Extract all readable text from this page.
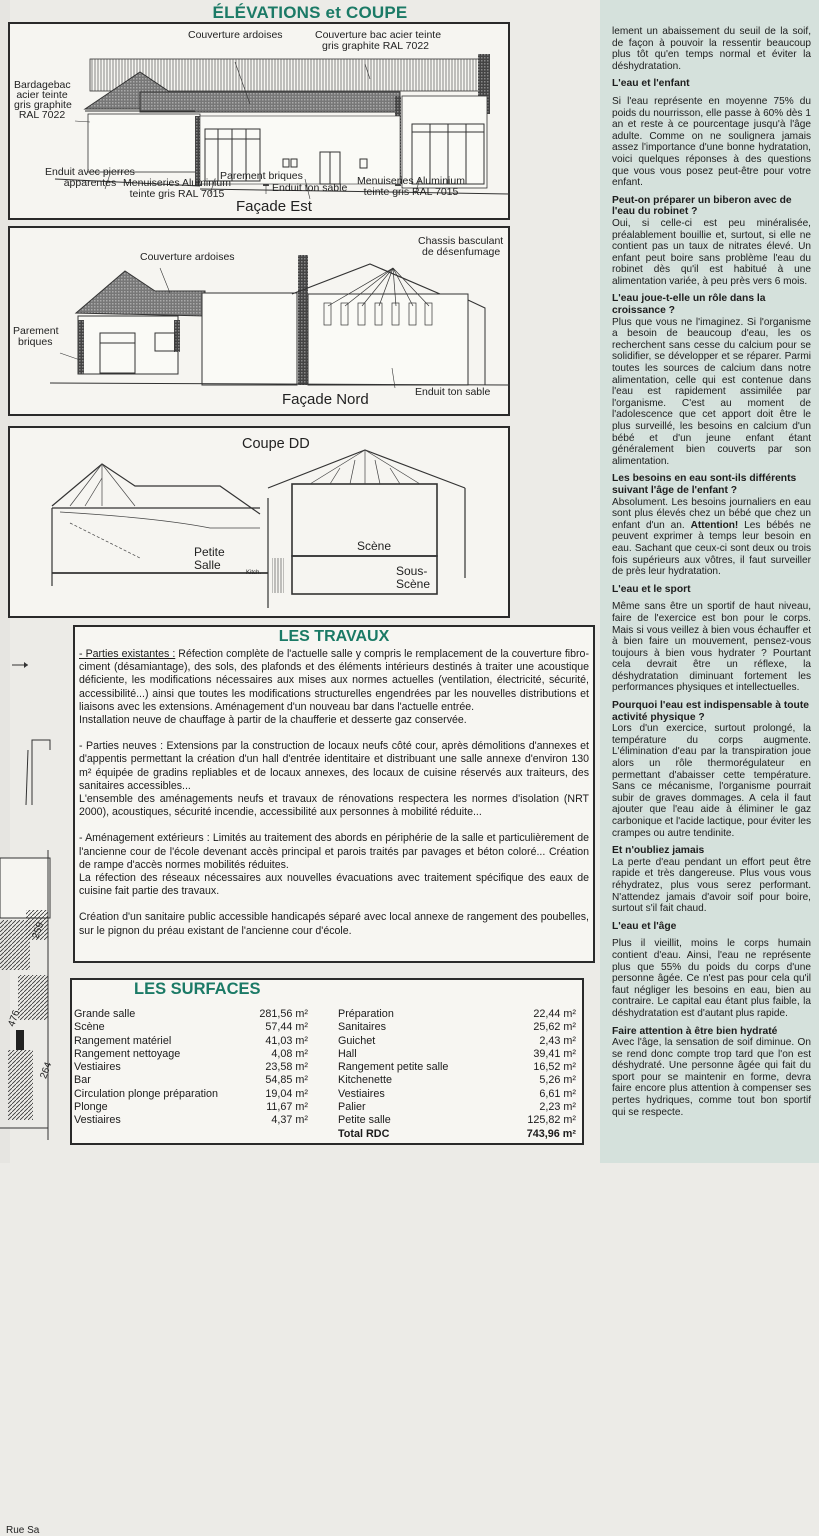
ÉLÉVATIONS et COUPE
Couverture ardoises	Couverture bac acier teinte
gris graphite RAL 7022
Bardagebac
acier teinte
gris graphite
RAL 7022
Enduit avec pierres
apparentes Menuiseries Aluminium
teinte gris RAL 7015
Parement briques
Enduit ton sable
Menuiseries Aluminium
teinte gris RAL 7015
Façade Est
Couverture ardoises
Chassis basculant
de désenfumage
Parement
briques
Enduit ton sable
Façade Nord
Coupe DD
Petite
Salle
Kitch.
Scène
Sous-
Scène
Rue Sa
476
264
259
LES TRAVAUX

- Parties existantes : Réfection complète de l'actuelle salle y compris le remplacement de la couverture fibro-ciment (désamiantage), des sols, des plafonds et des éléments intérieurs destinés à traiter une acoustique déficiente, les modifications nécessaires aux mises aux normes actuelles (ventilation, électricité, sécurité, accessibilité...) ainsi que toutes les modifications structurelles engendrées par les nouvelles distributions et liaisons avec les extensions. Aménagement d'un nouveau bar dans l'actuelle entrée.

Installation neuve de chauffage à partir de la chaufferie et desserte gaz conservée.

- Parties neuves : Extensions par la construction de locaux neufs côté cour, après démolitions d'annexes et d'appentis permettant la création d'un hall d'entrée identitaire et distribuant une salle annexe d'environ 130 m² équipée de gradins repliables et de locaux annexes, des locaux de cuisine réservés aux traiteurs, des sanitaires accessibles...

L'ensemble des aménagements neufs et travaux de rénovations respectera les normes d'isolation (NRT 2000), acoustiques, sécurité incendie, accessibilité aux personnes à mobilité réduite...

- Aménagement extérieurs : Limités au traitement des abords en périphérie de la salle et particulièrement de l'ancienne cour de l'école devenant accès principal et parois traités par pavages et béton coloré... Création de rampe d'accès normes mobilités réduites.

La réfection des réseaux nécessaires aux nouvelles évacuations avec traitement spécifique des eaux de cuisine fait partie des travaux.

Création d'un sanitaire public accessible handicapés séparé avec local annexe de rangement des poubelles, sur le pignon du préau existant de l'ancienne cour d'école.

LES SURFACES
Grande salle	281,56 m²
Scène	57,44 m²
Rangement matériel	41,03 m²
Rangement nettoyage	4,08 m²
Vestiaires	23,58 m²
Bar	54,85 m²
Circulation plonge préparation	19,04 m²
Plonge	11,67 m²
Vestiaires	4,37 m²
Préparation	22,44 m²
Sanitaires	25,62 m²
Guichet	2,43 m²
Hall	39,41 m²
Rangement petite salle	16,52 m²
Kitchenette	5,26 m²
Vestiaires	6,61 m²
Palier	2,23 m²
Petite salle	125,82 m²
Total RDC	743,96 m²

lement un abaissement du seuil de la soif, de façon à pouvoir la ressentir beaucoup plus tôt qu'en temps normal et éviter la déshydratation.

L'eau et l'enfant

Si l'eau représente en moyenne 75% du poids du nourrisson, elle passe à 60% dès 1 an et reste à ce pourcentage jusqu'à l'âge adulte. Comme on ne soulignera jamais assez l'importance d'une bonne hydratation, voici quelques réponses à des questions que vous vous posez peut-être pour votre enfant.

Peut-on préparer un biberon avec de l'eau du robinet ?

Oui, si celle-ci est peu minéralisée, préalablement bouillie et, surtout, si elle ne contient pas un taux de nitrates élevé. Un enfant peut boire sans problème l'eau du robinet dès qu'il est habitué à une alimentation variée, à peu près vers 6 mois.

L'eau joue-t-elle un rôle dans la croissance ?

Plus que vous ne l'imaginez. Si l'organisme a besoin de beaucoup d'eau, les os recherchent sans cesse du calcium pour se solidifier, se développer et se réparer. Parmi toutes les sources de calcium dans notre alimentation, celle qui est contenue dans l'eau est rapidement assimilée par l'organisme. C'est au moment de l'adolescence que cet apport doit être le plus surveillé, les besoins en calcium d'un bébé et d'un jeune enfant étant généralement bien couverts par son alimentation.

Les besoins en eau sont-ils différents suivant l'âge de l'enfant ?

Absolument. Les besoins journaliers en eau sont plus élevés chez un bébé que chez un enfant d'un an. Attention! Les bébés ne peuvent exprimer à temps leur besoin en eau. Sachant que ceux-ci sont deux ou trois fois supérieurs aux vôtres, il faut surveiller de près leur hydratation.

L'eau et le sport

Même sans être un sportif de haut niveau, faire de l'exercice est bon pour le corps. Mais si vous veillez à bien vous échauffer et à bien faire un mouvement, pensez-vous toujours à bien vous hydrater ? Pourtant cela devrait être un réflexe, la déshydratation diminuant fortement les performances physiques et intellectuelles.

Pourquoi l'eau est indispensable à toute activité physique ?

Lors d'un exercice, surtout prolongé, la température du corps augmente. L'élimination d'eau par la transpiration joue alors un rôle thermorégulateur en permettant d'abaisser cette température. Sans ce mécanisme, l'organisme pourrait subir de graves dommages. A cela il faut ajouter que l'eau aide à éliminer le gaz carbonique et l'acide lactique, pour éviter les crampes ou autre tendinite.

Et n'oubliez jamais

La perte d'eau pendant un effort peut être rapide et très dangereuse. Plus vous vous réhydratez, plus vous serez performant. N'attendez jamais d'avoir soif pour boire, surtout s'il fait chaud.

L'eau et l'âge

Plus il vieillit, moins le corps humain contient d'eau. Ainsi, l'eau ne représente plus que 55% du poids du corps d'une personne âgée. Ce n'est pas pour cela qu'il faut négliger les besoins en eau, bien au contraire. Le capital eau étant plus faible, la déshydratation est d'autant plus rapide.

Faire attention à être bien hydraté

Avec l'âge, la sensation de soif diminue. On se rend donc compte trop tard que l'on est déshydraté. Une personne âgée qui fait du sport pour se maintenir en forme, devra faire encore plus attention à compenser ses pertes hydriques, comme tout bon sportif qui se respecte.
